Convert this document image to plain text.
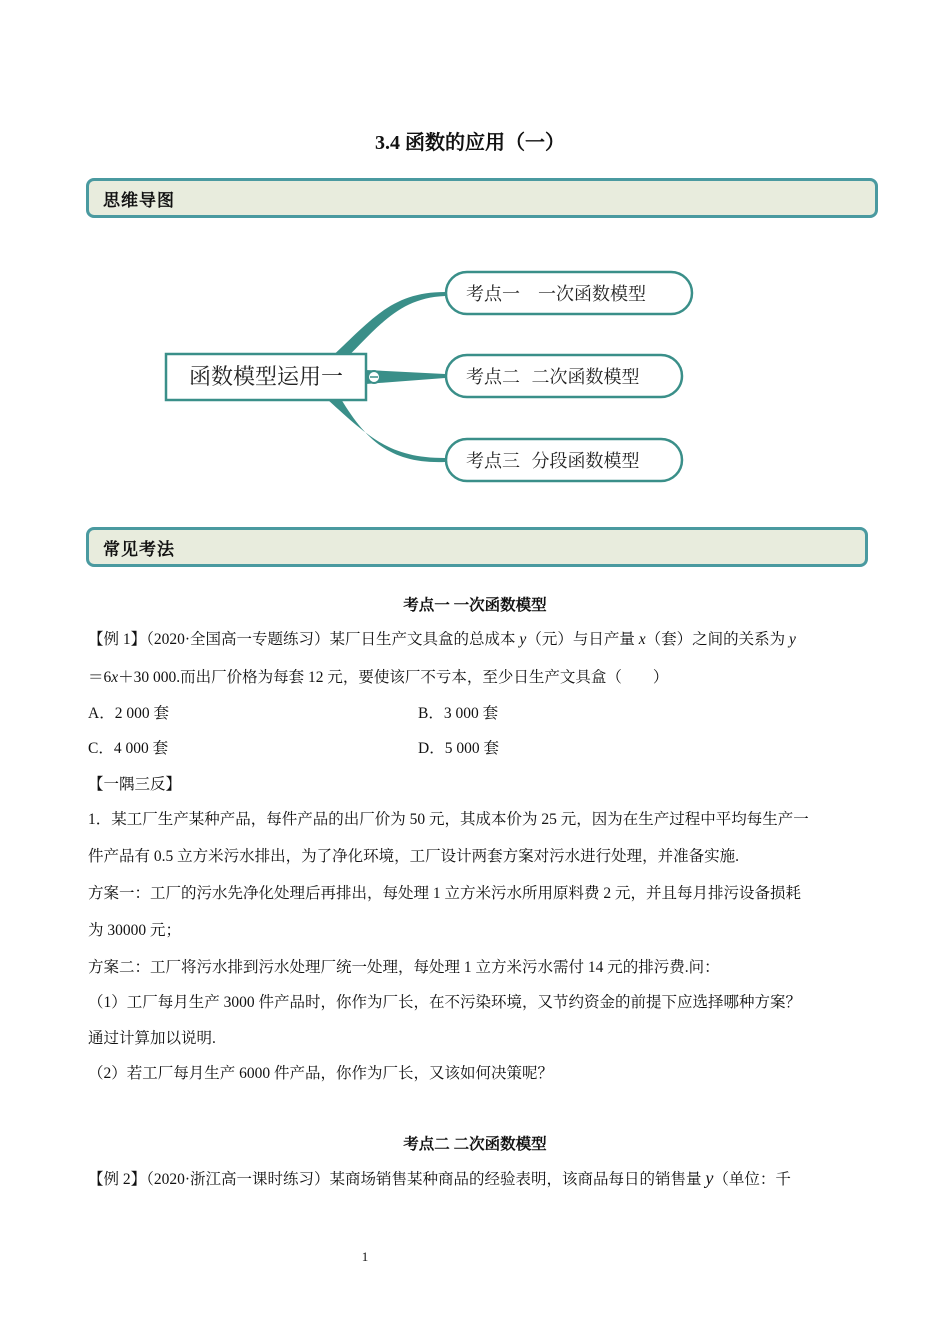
3.4 函数的应用（一）
思维导图
函数模型运用一
考点一　一次函数模型
考点二  二次函数模型
考点三  分段函数模型
常见考法
考点一 一次函数模型
【例 1】（2020·全国高一专题练习）某厂日生产文具盒的总成本 y（元）与日产量 x（套）之间的关系为 y
＝6x＋30 000.而出厂价格为每套 12 元，要使该厂不亏本，至少日生产文具盒（　　）
A．2 000 套	B．3 000 套
C．4 000 套	D．5 000 套
【一隅三反】
1．某工厂生产某种产品，每件产品的出厂价为 50 元，其成本价为 25 元，因为在生产过程中平均每生产一
件产品有 0.5 立方米污水排出，为了净化环境，工厂设计两套方案对污水进行处理，并准备实施.
方案一：工厂的污水先净化处理后再排出，每处理 1 立方米污水所用原料费 2 元，并且每月排污设备损耗
为 30000 元；
方案二：工厂将污水排到污水处理厂统一处理，每处理 1 立方米污水需付 14 元的排污费.问：
（1）工厂每月生产 3000 件产品时，你作为厂长，在不污染环境，又节约资金的前提下应选择哪种方案？
通过计算加以说明.
（2）若工厂每月生产 6000 件产品，你作为厂长，又该如何决策呢？
考点二 二次函数模型
【例 2】（2020·浙江高一课时练习）某商场销售某种商品的经验表明，该商品每日的销售量 y（单位：千
1
